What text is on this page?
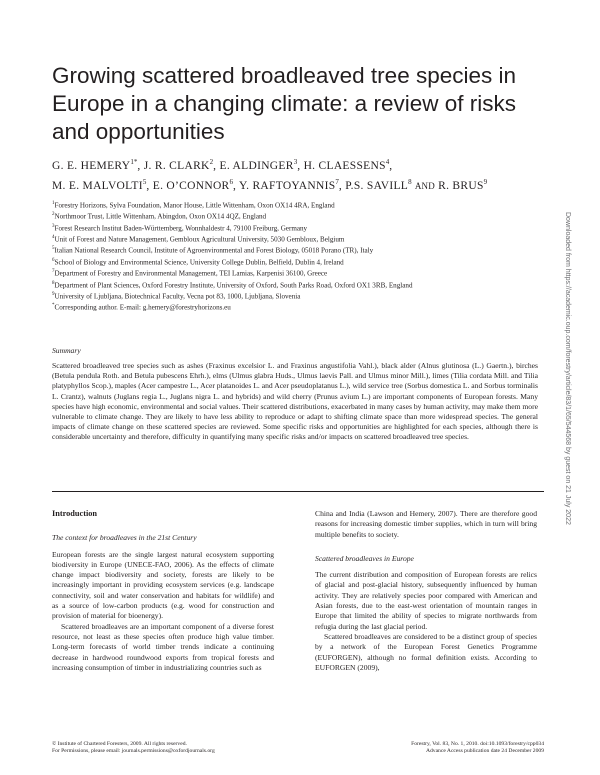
Growing scattered broadleaved tree species in Europe in a changing climate: a review of risks and opportunities
G. E. $HEMERY^{1*}$, J. R. CLARK$^2$, E. ALDINGER$^3$, H. CLAESSENS$^4$,
M. E. MALVOLTI$^5$, E. O’CONNOR$^6$, Y. RAFTOYANNIS$^7$, P.S. SAVILL$^8$ AND R. BRUS$^9$
$^1$Forestry Horizons, Sylva Foundation, Manor House, Little Wittenham, Oxon OX14 4RA, England
$^2$Northmoor Trust, Little Wittenham, Abingdon, Oxon OX14 4QZ, England
$^3$Forest Research Institut Baden-Württemberg, Wonnhaldestr 4, 79100 Freiburg, Germany
$^4$Unit of Forest and Nature Management, Gembloux Agricultural University, 5030 Gembloux, Belgium
$^5$Italian National Research Council, Institute of Agroenvironmental and Forest Biology, 05018 Porano (TR), Italy
$^6$School of Biology and Environmental Science, University College Dublin, Belfield, Dublin 4, Ireland
$^7$Department of Forestry and Environmental Management, TEI Lamias, Karpenisi 36100, Greece
$^8$Department of Plant Sciences, Oxford Forestry Institute, University of Oxford, South Parks Road, Oxford OX1 3RB, England
$^9$University of Ljubljana, Biotechnical Faculty, Vecna pot 83, 1000, Ljubljana, Slovenia
*Corresponding author. E-mail: g.hemery@forestryhorizons.eu	Downloaded from https://academic.oup.com/forestry/article/83/1/65/544568 by guest on 21 July 2022
Summary
Scattered broadleaved tree species such as ashes (Fraxinus excelsior L. and Fraxinus angustifolia Vahl.), black alder (Alnus glutinosa (L.) Gaertn.), birches (Betula pendula Roth. and Betula pubescens Ehrh.), elms (Ulmus glabra Huds., Ulmus laevis Pall. and Ulmus minor Mill.), limes (Tilia cordata Mill. and Tilia platyphyllos Scop.), maples (Acer campestre L., Acer platanoides L. and Acer pseudoplatanus L.), wild service tree (Sorbus domestica L. and Sorbus torminalis L. Crantz), walnuts (Juglans regia L., Juglans nigra L. and hybrids) and wild cherry (Prunus avium L.) are important components of European forests. Many species have high economic, environmental and social values. Their scattered distributions, exacerbated in many cases by human activity, may make them more vulnerable to climate change. They are likely to have less ability to reproduce or adapt to shifting climate space than more widespread species. The general impacts of climate change on these scattered species are reviewed. Some specific risks and opportunities are highlighted for each species, although there is considerable uncertainty and therefore, difficulty in quantifying many specific risks and/or impacts on scattered broadleaved tree species.
Introduction
The context for broadleaves in the 21st Century

European forests are the single largest natural ecosystem supporting biodiversity in Europe (UNECE-FAO, 2006). As the effects of climate change impact biodiversity and society, forests are likely to be increasingly important in providing ecosystem services (e.g. landscape connectivity, soil and water conservation and habitats for wildlife) and as a source of low-carbon products (e.g. wood for construction and provision of material for bioenergy).

Scattered broadleaves are an important component of a diverse forest resource, not least as these species often produce high value timber. Long-term forecasts of world timber trends indicate a continuing decrease in hardwood roundwood exports from tropical forests and increasing consumption of timber in industrializing countries such as

China and India (Lawson and Hemery, 2007). There are therefore good reasons for increasing domestic timber supplies, which in turn will bring multiple benefits to society.

Scattered broadleaves in Europe

The current distribution and composition of European forests are relics of glacial and post-glacial history, subsequently influenced by human activity. They are relatively species poor compared with American and Asian forests, due to the east-west orientation of mountain ranges in Europe that limited the ability of species to migrate northwards from refugia during the last glacial period.

Scattered broadleaves are considered to be a distinct group of species by a network of the European Forest Genetics Programme (EUFORGEN), although no formal definition exists. According to EUFORGEN (2009),

© Institute of Chartered Foresters, 2009. All rights reserved.
For Permissions, please email: journals.permissions@oxfordjournals.org
Forestry, Vol. 83, No. 1, 2010. doi:10.1093/forestry/cpp034
Advance Access publication date 24 December 2009
